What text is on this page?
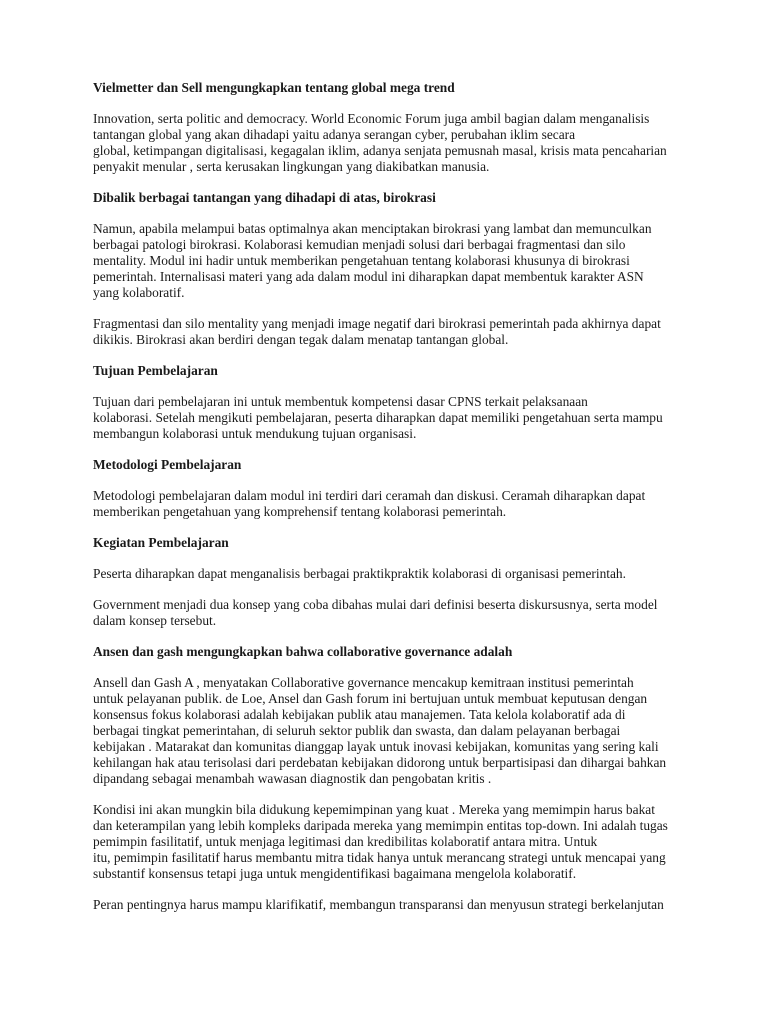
Vielmetter dan Sell mengungkapkan tentang global mega trend
Innovation, serta politic and democracy. World Economic Forum juga ambil bagian dalam menganalisis
tantangan global yang akan dihadapi yaitu adanya serangan cyber, perubahan iklim secara
global, ketimpangan digitalisasi, kegagalan iklim, adanya senjata pemusnah masal, krisis mata pencaharian
penyakit menular , serta kerusakan lingkungan yang diakibatkan manusia.
Dibalik berbagai tantangan yang dihadapi di atas, birokrasi
Namun, apabila melampui batas optimalnya akan menciptakan birokrasi yang lambat dan memunculkan
berbagai patologi birokrasi. Kolaborasi kemudian menjadi solusi dari berbagai fragmentasi dan silo
mentality. Modul ini hadir untuk memberikan pengetahuan tentang kolaborasi khusunya di birokrasi
pemerintah. Internalisasi materi yang ada dalam modul ini diharapkan dapat membentuk karakter ASN
yang kolaboratif.
Fragmentasi dan silo mentality yang menjadi image negatif dari birokrasi pemerintah pada akhirnya dapat
dikikis. Birokrasi akan berdiri dengan tegak dalam menatap tantangan global.
Tujuan Pembelajaran
Tujuan dari pembelajaran ini untuk membentuk kompetensi dasar CPNS terkait pelaksanaan
kolaborasi. Setelah mengikuti pembelajaran, peserta diharapkan dapat memiliki pengetahuan serta mampu
membangun kolaborasi untuk mendukung tujuan organisasi.
Metodologi Pembelajaran
Metodologi pembelajaran dalam modul ini terdiri dari ceramah dan diskusi. Ceramah diharapkan dapat
memberikan pengetahuan yang komprehensif tentang kolaborasi pemerintah.
Kegiatan Pembelajaran
Peserta diharapkan dapat menganalisis berbagai praktikpraktik kolaborasi di organisasi pemerintah.
Government menjadi dua konsep yang coba dibahas mulai dari definisi beserta diskursusnya, serta model
dalam konsep tersebut.
Ansen dan gash mengungkapkan bahwa collaborative governance adalah
Ansell dan Gash A , menyatakan Collaborative governance mencakup kemitraan institusi pemerintah
untuk pelayanan publik. de Loe, Ansel dan Gash forum ini bertujuan untuk membuat keputusan dengan
konsensus fokus kolaborasi adalah kebijakan publik atau manajemen. Tata kelola kolaboratif ada di
berbagai tingkat pemerintahan, di seluruh sektor publik dan swasta, dan dalam pelayanan berbagai
kebijakan . Matarakat dan komunitas dianggap layak untuk inovasi kebijakan, komunitas yang sering kali
kehilangan hak atau terisolasi dari perdebatan kebijakan didorong untuk berpartisipasi dan dihargai bahkan
dipandang sebagai menambah wawasan diagnostik dan pengobatan kritis .
Kondisi ini akan mungkin bila didukung kepemimpinan yang kuat . Mereka yang memimpin harus bakat
dan keterampilan yang lebih kompleks daripada mereka yang memimpin entitas top-down. Ini adalah tugas
pemimpin fasilitatif, untuk menjaga legitimasi dan kredibilitas kolaboratif antara mitra. Untuk
itu, pemimpin fasilitatif harus membantu mitra tidak hanya untuk merancang strategi untuk mencapai yang
substantif konsensus tetapi juga untuk mengidentifikasi bagaimana mengelola kolaboratif.
Peran pentingnya harus mampu klarifikatif, membangun transparansi dan menyusun strategi berkelanjutan
